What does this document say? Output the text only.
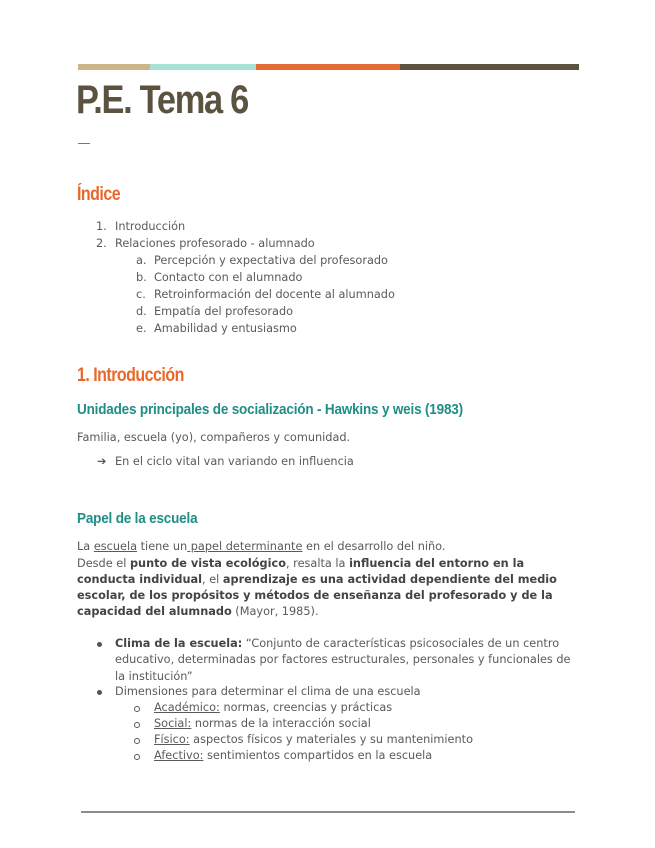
P.E. Tema 6
Índice
1. Introducción
2. Relaciones profesorado - alumnado
a. Percepción y expectativa del profesorado
b. Contacto con el alumnado
c. Retroinformación del docente al alumnado
d. Empatía del profesorado
e. Amabilidad y entusiasmo
1. Introducción
Unidades principales de socialización - Hawkins y weis (1983)
Familia, escuela (yo), compañeros y comunidad.
➔ En el ciclo vital van variando en influencia
Papel de la escuela

La escuela tiene un papel determinante en el desarrollo del niño.

Desde el punto de vista ecológico, resalta la influencia del entorno en la conducta individual, el aprendizaje es una actividad dependiente del medio escolar, de los propósitos y métodos de enseñanza del profesorado y de la capacidad del alumnado (Mayor, 1985).

Clima de la escuela: “Conjunto de características psicosociales de un centro educativo, determinadas por factores estructurales, personales y funcionales de la institución”

Dimensiones para determinar el clima de una escuela
Académico: normas, creencias y prácticas
Social: normas de la interacción social
Físico: aspectos físicos y materiales y su mantenimiento
Afectivo: sentimientos compartidos en la escuela
